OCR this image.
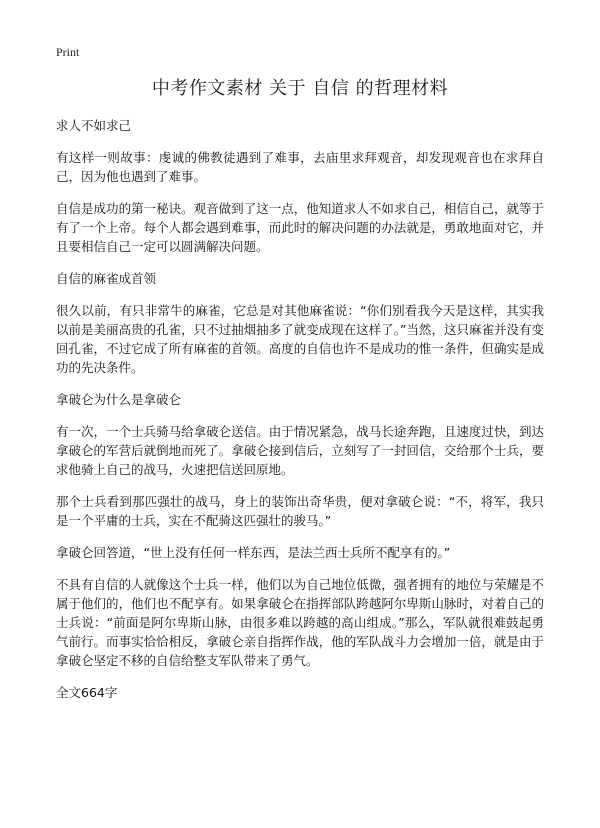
Print
中考作文素材 关于 自信 的哲理材料
求人不如求己
有这样一则故事：虔诚的佛教徒遇到了难事，去庙里求拜观音，却发现观音也在求拜自己，因为他也遇到了难事。
自信是成功的第一秘诀。观音做到了这一点，他知道求人不如求自己，相信自己，就等于有了一个上帝。每个人都会遇到难事，而此时的解决问题的办法就是，勇敢地面对它，并且要相信自己一定可以圆满解决问题。
自信的麻雀成首领
很久以前，有只非常牛的麻雀，它总是对其他麻雀说：“你们别看我今天是这样，其实我以前是美丽高贵的孔雀，只不过抽烟抽多了就变成现在这样了。”当然，这只麻雀并没有变回孔雀，不过它成了所有麻雀的首领。高度的自信也许不是成功的惟一条件，但确实是成功的先决条件。
拿破仑为什么是拿破仑
有一次，一个士兵骑马给拿破仑送信。由于情况紧急，战马长途奔跑，且速度过快，到达拿破仑的军营后就倒地而死了。拿破仑接到信后，立刻写了一封回信，交给那个士兵，要求他骑上自己的战马，火速把信送回原地。
那个士兵看到那匹强壮的战马，身上的装饰出奇华贵，便对拿破仑说：“不，将军，我只是一个平庸的士兵，实在不配骑这匹强壮的骏马。”
拿破仑回答道，“世上没有任何一样东西，是法兰西士兵所不配享有的。”
不具有自信的人就像这个士兵一样，他们以为自己地位低微，强者拥有的地位与荣耀是不属于他们的，他们也不配享有。如果拿破仑在指挥部队跨越阿尔卑斯山脉时，对着自己的士兵说：“前面是阿尔卑斯山脉，由很多难以跨越的高山组成。”那么，军队就很难鼓起勇气前行。而事实恰恰相反，拿破仑亲自指挥作战，他的军队战斗力会增加一倍，就是由于拿破仑坚定不移的自信给整支军队带来了勇气。
全文664字
